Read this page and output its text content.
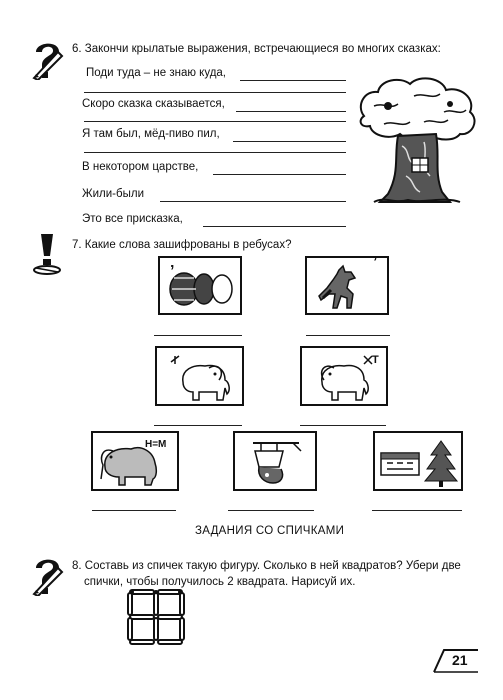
6. Закончи крылатые выражения, встречающиеся во многих сказках:
Поди туда – не знаю куда,
Скоро сказка сказывается,
Я там был, мёд-пиво пил,
В некотором царстве,
Жили-были
Это все присказка,
7. Какие слова зашифрованы в ребусах?
‚	’
Т
Н=М
ЗАДАНИЯ СО СПИЧКАМИ
8. Составь из спичек такую фигуру. Сколько в ней квадратов? Убери две
спички, чтобы получилось 2 квадрата. Нарисуй их.
21
